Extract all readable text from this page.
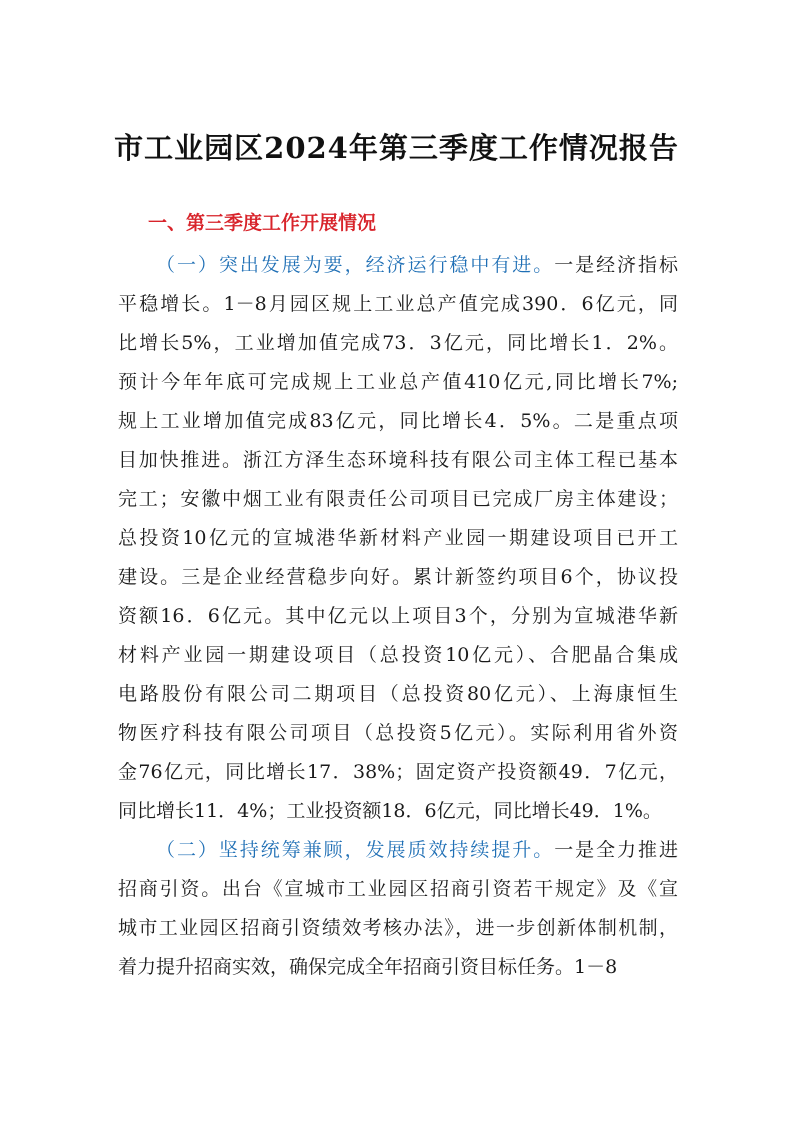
市工业园区2024年第三季度工作情况报告
一、第三季度工作开展情况
（一）突出发展为要，经济运行稳中有进。一是经济指标
平稳增长。1－8月园区规上工业总产值完成390．6亿元，同
比增长5%，工业增加值完成73．3亿元，同比增长1．2%。
预计今年年底可完成规上工业总产值410亿元,同比增长7%;
规上工业增加值完成83亿元，同比增长4．5%。二是重点项
目加快推进。浙江方泽生态环境科技有限公司主体工程已基本
完工；安徽中烟工业有限责任公司项目已完成厂房主体建设；
总投资10亿元的宣城港华新材料产业园一期建设项目已开工
建设。三是企业经营稳步向好。累计新签约项目6个，协议投
资额16．6亿元。其中亿元以上项目3个，分别为宣城港华新
材料产业园一期建设项目（总投资10亿元）、合肥晶合集成
电路股份有限公司二期项目（总投资80亿元）、上海康恒生
物医疗科技有限公司项目（总投资5亿元）。实际利用省外资
金76亿元，同比增长17．38%；固定资产投资额49．7亿元，
同比增长11．4%；工业投资额18．6亿元，同比增长49．1%。
（二）坚持统筹兼顾，发展质效持续提升。一是全力推进
招商引资。出台《宣城市工业园区招商引资若干规定》及《宣
城市工业园区招商引资绩效考核办法》，进一步创新体制机制，
着力提升招商实效，确保完成全年招商引资目标任务。1－8
